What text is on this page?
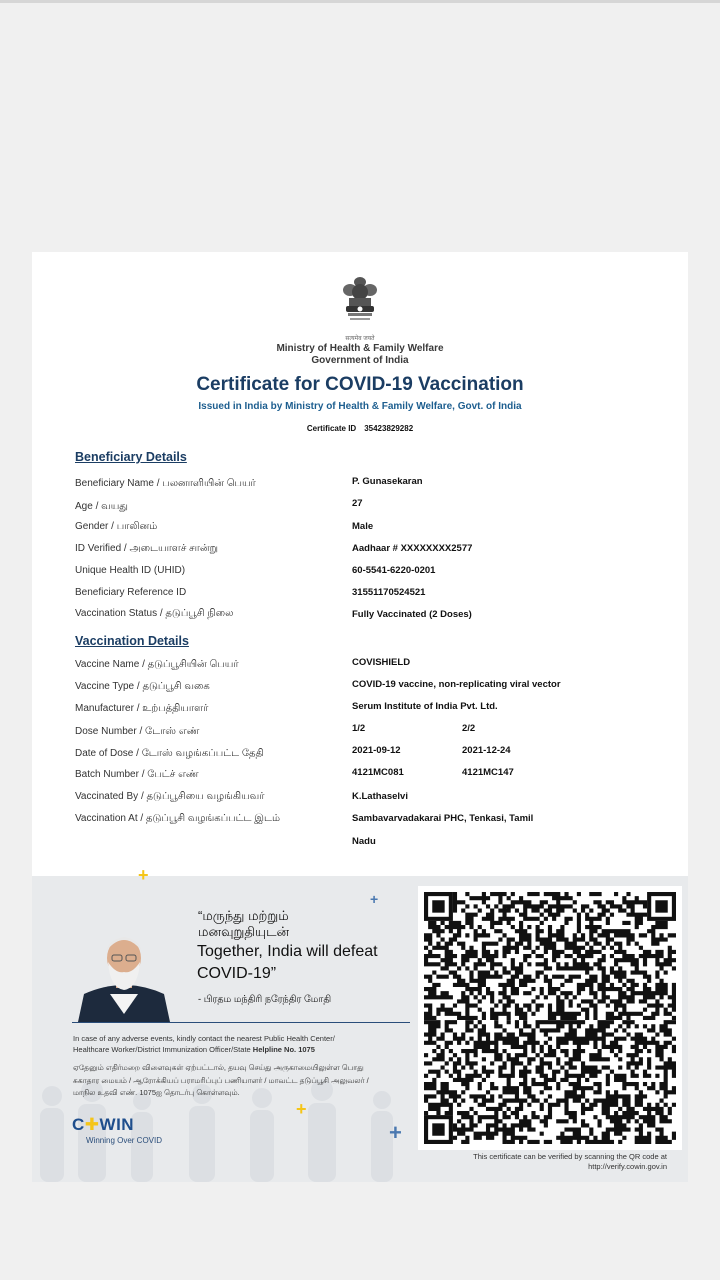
सत्यमेव जयते
Ministry of Health & Family Welfare
Government of India
Certificate for COVID-19 Vaccination
Issued in India by Ministry of Health & Family Welfare, Govt. of India
Certificate ID 35423829282
Beneficiary Details
Beneficiary Name / பலனாளியின் பெயர்	P. Gunasekaran
Age / வயது	27
Gender / பாலினம்	Male
ID Verified / அடையாளச் சான்று	Aadhaar # XXXXXXXX2577
Unique Health ID (UHID)	60-5541-6220-0201
Beneficiary Reference ID	31551170524521
Vaccination Status / தடுப்பூசி நிலை	Fully Vaccinated (2 Doses)
Vaccination Details
Vaccine Name / தடுப்பூசியின் பெயர்	COVISHIELD
Vaccine Type / தடுப்பூசி வகை	COVID-19 vaccine, non-replicating viral vector
Manufacturer / உற்பத்தியாளர்	Serum Institute of India Pvt. Ltd.
Dose Number / டோஸ் எண்	1/2	2/2
Date of Dose / டோஸ் வழங்கப்பட்ட தேதி	2021-09-12	2021-12-24
Batch Number / பேட்ச் எண்	4121MC081	4121MC147
Vaccinated By / தடுப்பூசியை வழங்கியவர்	K.Lathaselvi
Vaccination At / தடுப்பூசி வழங்கப்பட்ட இடம்	Sambavarvadakarai PHC, Tenkasi, Tamil
Nadu
+
+
+
+
“மருந்து மற்றும்
மனவுறுதியுடன்
Together, India will defeat
COVID-19”
- பிரதம மந்திரி நரேந்திர மோதி
In case of any adverse events, kindly contact the nearest Public Health Center/
Healthcare Worker/District Immunization Officer/State Helpline No. 1075
ஏதேனும் எதிர்மறை விளைவுகள் ஏற்பட்டால், தயவு செய்து அருகாமையிலுள்ள பொது
சுகாதார மையம் / ஆரோக்கியப் பராமரிப்புப் பணியாளர் / மாவட்ட தடுப்பூசி அலுவலர் /
மாநில உதவி எண். 1075ஐ தொடர்பு கொள்ளவும்.
C✚WIN
Winning Over COVID
This certificate can be verified by scanning the QR code at
http://verify.cowin.gov.in
